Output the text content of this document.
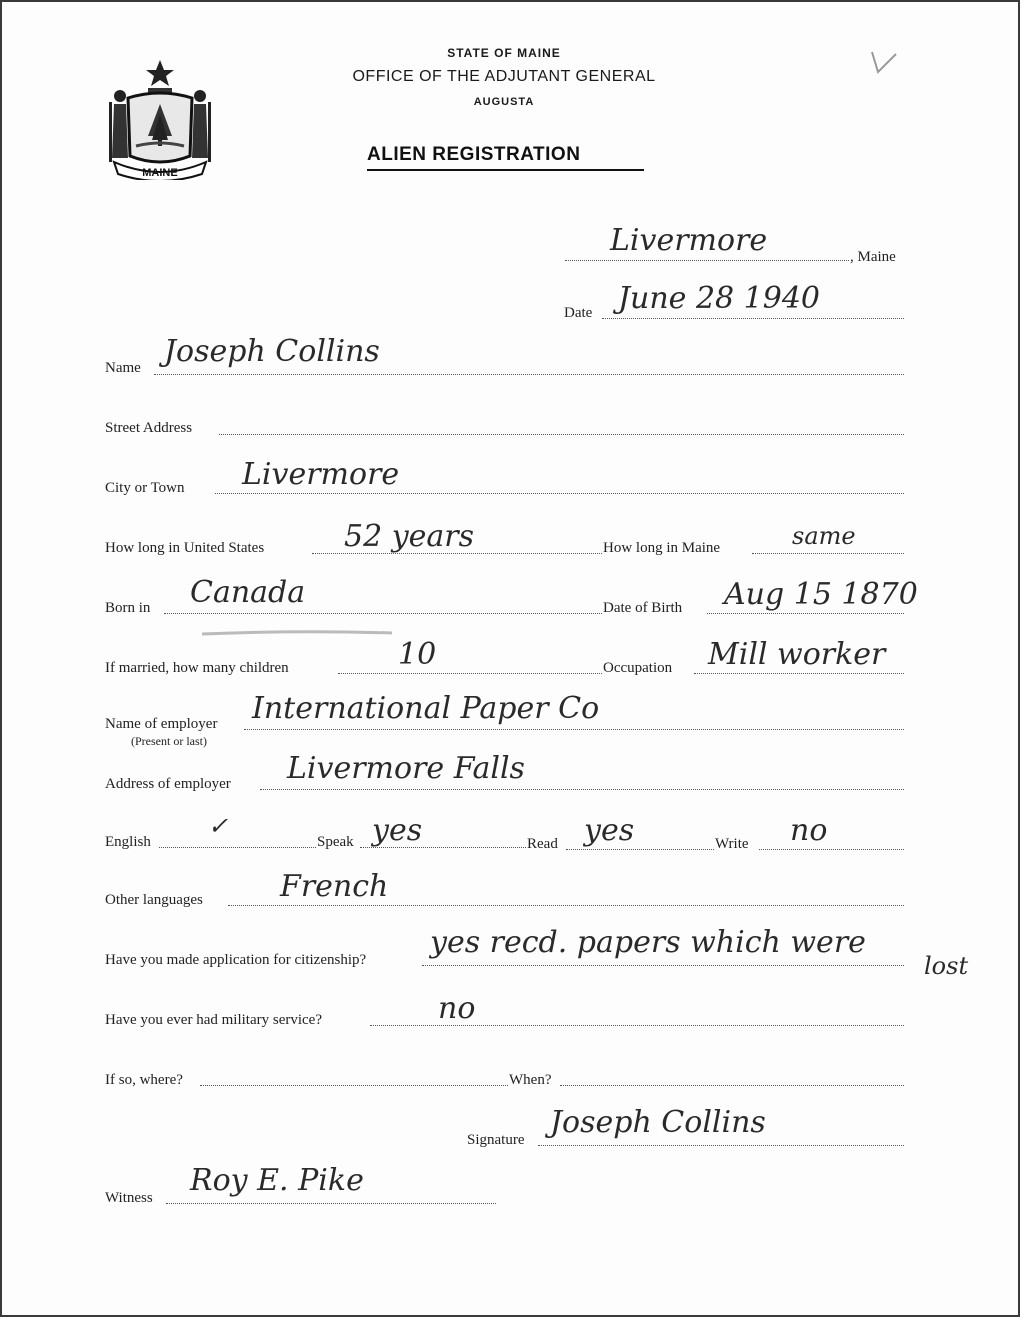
MAINE
STATE OF MAINE
OFFICE OF THE ADJUTANT GENERAL
AUGUSTA
ALIEN REGISTRATION
Livermore	, Maine
Date June 28 1940
Name Joseph Collins
Street Address
City or Town Livermore
How long in United States	52 years	How long in Maine	same
Born in Canada	Date of Birth Aug 15 1870
If married, how many children	10	Occupation Mill worker
Name of employer
(Present or last)
International Paper Co
Address of employer Livermore Falls
English
✓
Speak yes	Read yes	Write no
Other languages	French
Have you made application for citizenship? yes recd. papers which were
lost
Have you ever had military service?	no
If so, where?	When?
Signature Joseph Collins
Witness Roy E. Pike
